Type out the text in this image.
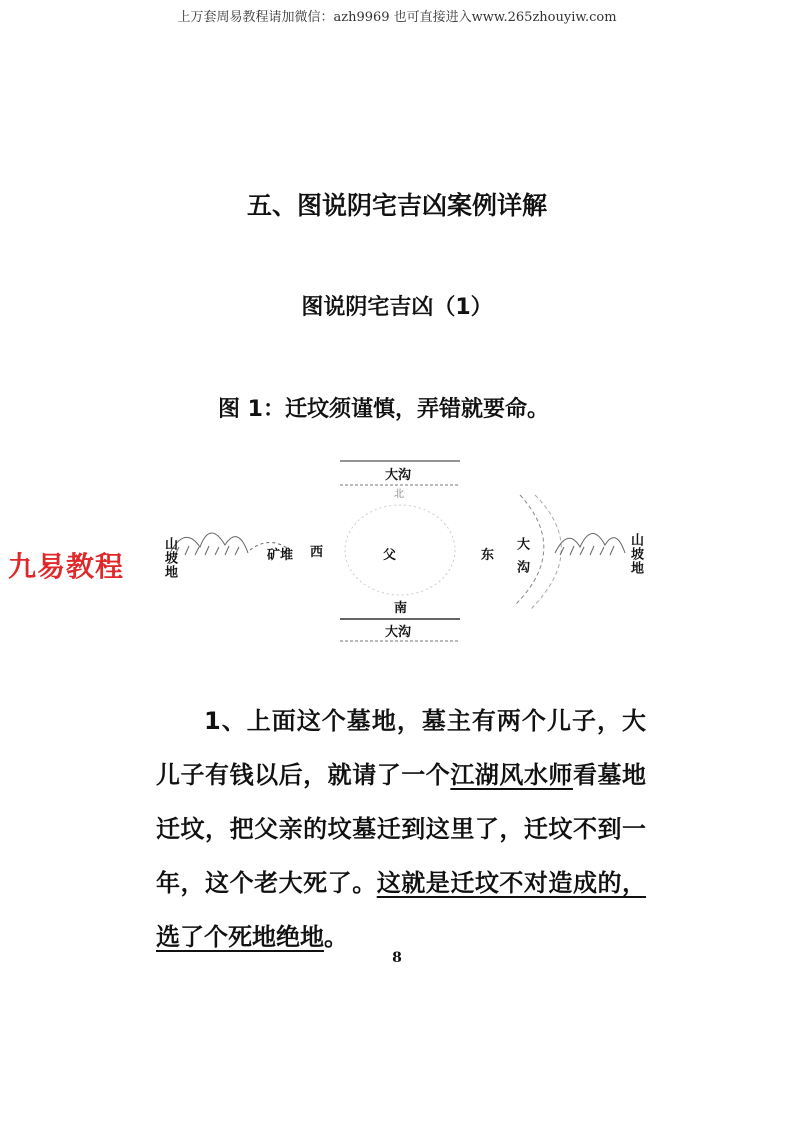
上万套周易教程请加微信：azh9969 也可直接进入www.265zhouyiw.com
五、图说阴宅吉凶案例详解
图说阴宅吉凶（1）
图 1：迁坟须谨慎，弄错就要命。
九易教程	山坡地	山坡地
大沟
北
矿堆 西	父	东 大沟
南
大沟
1、上面这个墓地，墓主有两个儿子，大儿子有钱以后，就请了一个江湖风水师看墓地迁坟，把父亲的坟墓迁到这里了，迁坟不到一年，这个老大死了。这就是迁坟不对造成的，选了个死地绝地。
8
